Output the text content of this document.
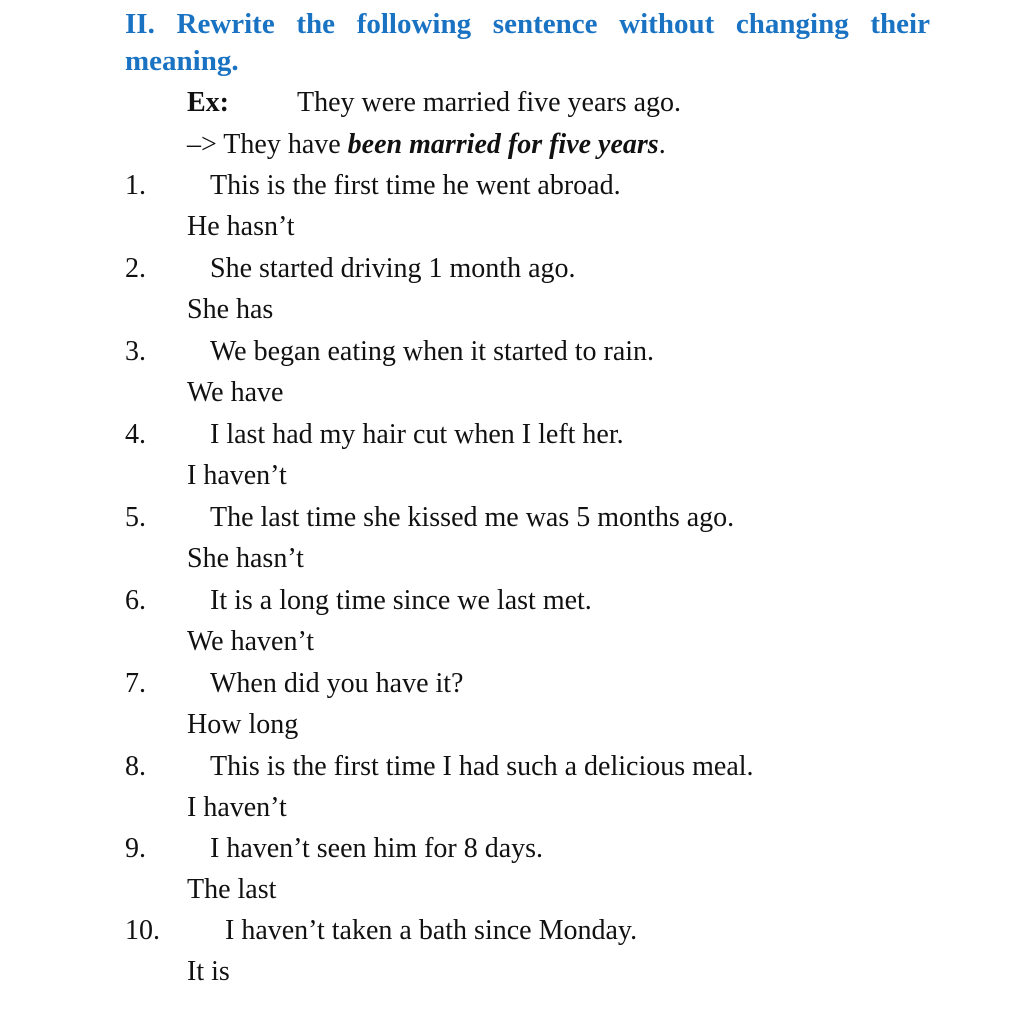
II. Rewrite the following sentence without changing their meaning.
Ex: They were married five years ago.
–> They have been married for five years.
1. This is the first time he went abroad.
He hasn’t
2. She started driving 1 month ago.
She has
3. We began eating when it started to rain.
We have
4. I last had my hair cut when I left her.
I haven’t
5. The last time she kissed me was 5 months ago.
She hasn’t
6. It is a long time since we last met.
We haven’t
7. When did you have it?
How long
8. This is the first time I had such a delicious meal.
I haven’t
9. I haven’t seen him for 8 days.
The last
10. I haven’t taken a bath since Monday.
It is
